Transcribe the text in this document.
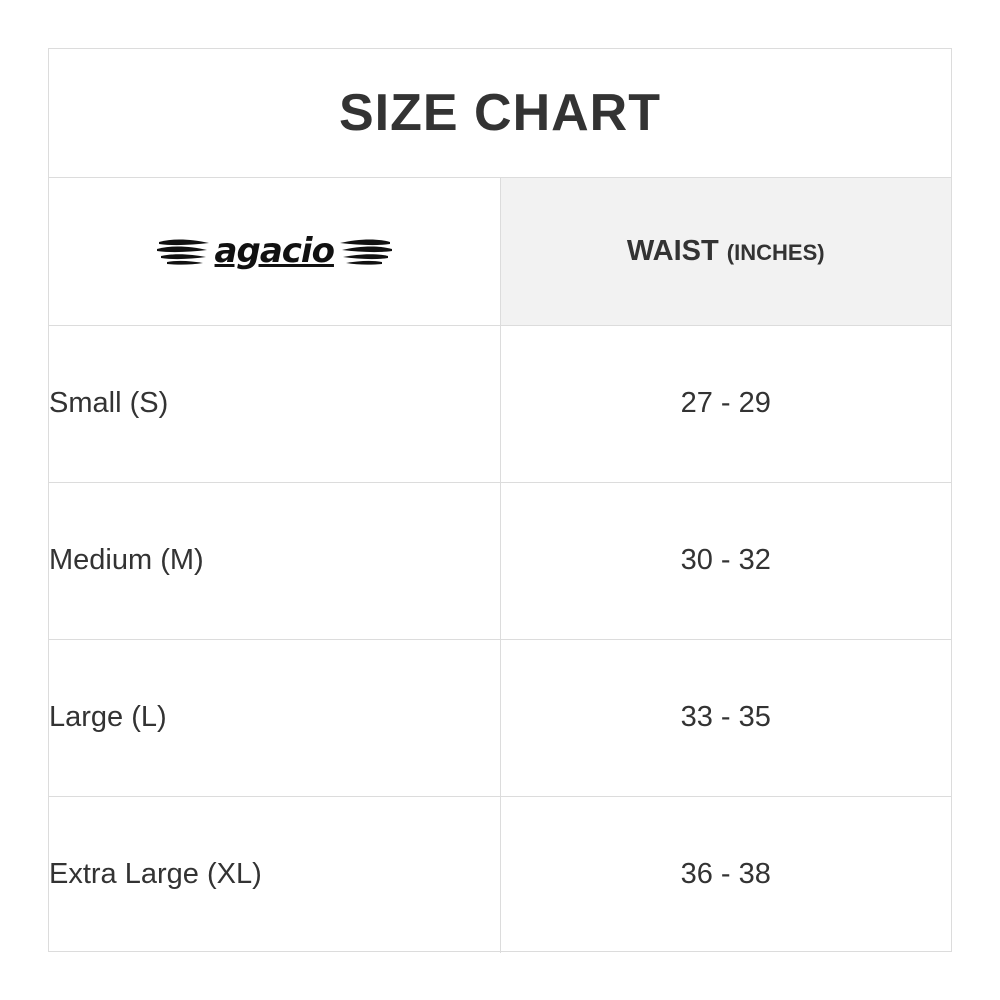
SIZE CHART	

agacio	WAIST (INCHES)
Small (S)	27 - 29
Medium (M)	30 - 32
Large (L)	33 - 35
Extra Large (XL)	36 - 38
